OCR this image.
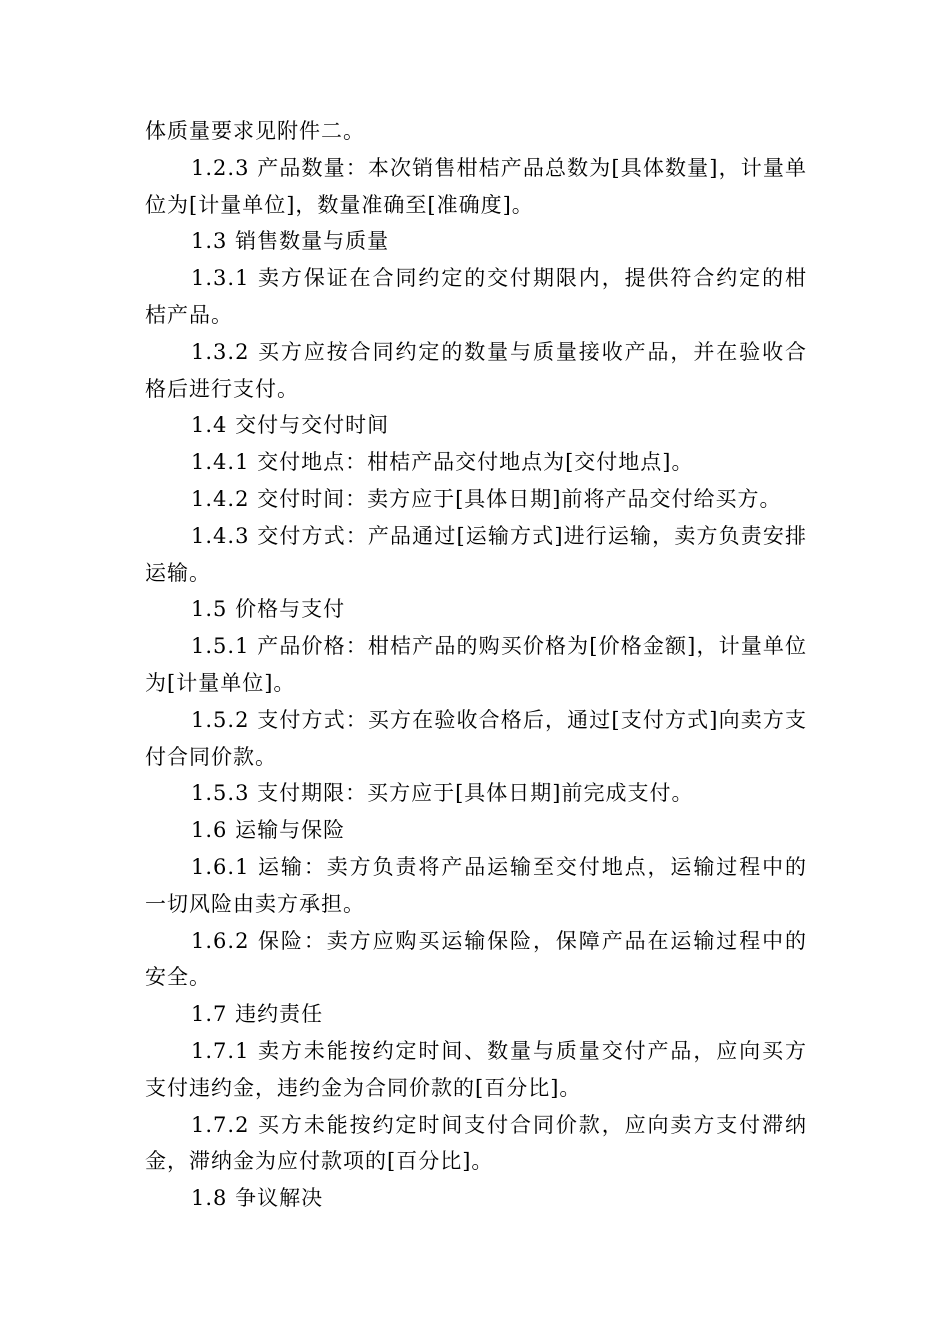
体质量要求见附件二。

1.2.3 产品数量：本次销售柑桔产品总数为[具体数量]，计量单位为[计量单位]，数量准确至[准确度]。

1.3 销售数量与质量

1.3.1 卖方保证在合同约定的交付期限内，提供符合约定的柑桔产品。

1.3.2 买方应按合同约定的数量与质量接收产品，并在验收合格后进行支付。

1.4 交付与交付时间

1.4.1 交付地点：柑桔产品交付地点为[交付地点]。

1.4.2 交付时间：卖方应于[具体日期]前将产品交付给买方。

1.4.3 交付方式：产品通过[运输方式]进行运输，卖方负责安排运输。

1.5 价格与支付

1.5.1 产品价格：柑桔产品的购买价格为[价格金额]，计量单位为[计量单位]。

1.5.2 支付方式：买方在验收合格后，通过[支付方式]向卖方支付合同价款。

1.5.3 支付期限：买方应于[具体日期]前完成支付。

1.6 运输与保险

1.6.1 运输：卖方负责将产品运输至交付地点，运输过程中的一切风险由卖方承担。

1.6.2 保险：卖方应购买运输保险，保障产品在运输过程中的安全。

1.7 违约责任

1.7.1 卖方未能按约定时间、数量与质量交付产品，应向买方支付违约金，违约金为合同价款的[百分比]。

1.7.2 买方未能按约定时间支付合同价款，应向卖方支付滞纳金，滞纳金为应付款项的[百分比]。

1.8 争议解决
